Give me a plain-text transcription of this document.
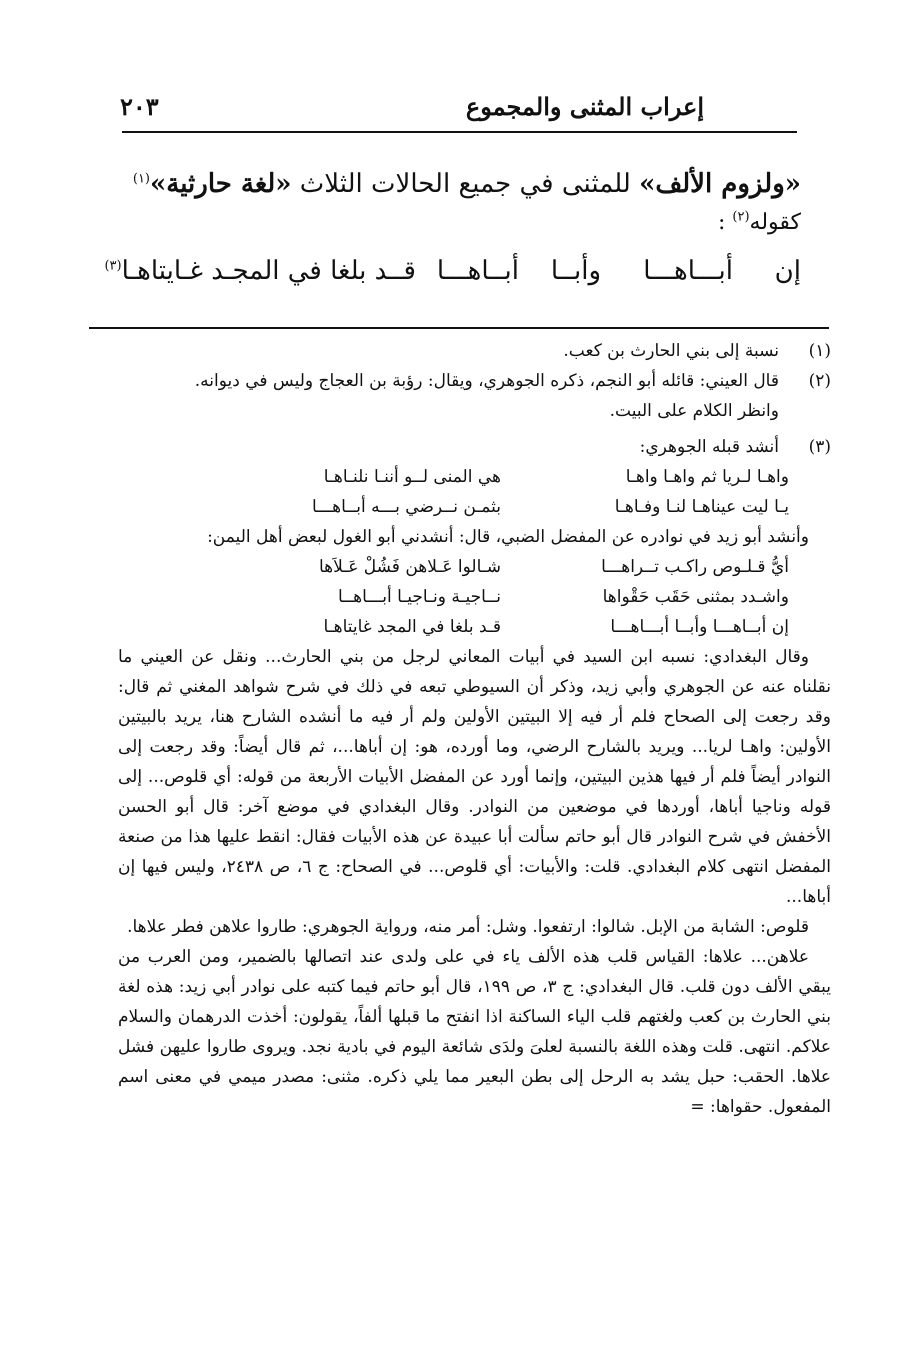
إعراب المثنى والمجموع
٢٠٣
«ولزوم الألف» للمثنى في جميع الحالات الثلاث «لغة حارثية»$^{(١)}$
كقوله$^{(٢)}$ :
إن
أبـــاهـــا
وأبــا
أبــاهـــا
قــد بلغا في المجـد غـايتاهـا$^{(٣)}$
(١)

نسبة إلى بني الحارث بن كعب.

(٢)

قال العيني: قائله أبو النجم، ذكره الجوهري، ويقال: رؤبة بن العجاج وليس في ديوانه.

وانظر الكلام على البيت.

(٣)

أنشد قبله الجوهري:

واهـا لـريا ثم واهـا واهـا
هي المنى لــو أننـا نلنـاهـا
يـا ليت عيناهـا لنـا وفـاهـا
بثمـن نــرضي بـــه أبــاهـــا

وأنشد أبو زيد في نوادره عن المفضل الضبي، قال: أنشدني أبو الغول لبعض أهل اليمن:

أيُّ قـلـوص راكـب تــراهـــا
شـالوا عَـلاهن فَشُلْ عَـلاَها
واشـدد بمثنى حَقَب حَقْواها
نــاجيـة ونـاجيـا أبـــاهــا
إن أبــاهـــا وأبــا أبـــاهـــا
قـد بلغا في المجد غايتاهـا

وقال البغدادي: نسبه ابن السيد في أبيات المعاني لرجل من بني الحارث... ونقل عن العيني ما نقلناه عنه عن الجوهري وأبي زيد، وذكر أن السيوطي تبعه في ذلك في شرح شواهد المغني ثم قال: وقد رجعت إلى الصحاح فلم أر فيه إلا البيتين الأولين ولم أر فيه ما أنشده الشارح هنا، يريد بالبيتين الأولين: واهـا لريا... ويريد بالشارح الرضي، وما أورده، هو: إن أباها...، ثم قال أيضاً: وقد رجعت إلى النوادر أيضاً فلم أر فيها هذين البيتين، وإنما أورد عن المفضل الأبيات الأربعة من قوله: أي قلوص... إلى قوله وناجيا أباها، أوردها في موضعين من النوادر. وقال البغدادي في موضع آخر: قال أبو الحسن الأخفش في شرح النوادر قال أبو حاتم سألت أبا عبيدة عن هذه الأبيات فقال: انقط عليها هذا من صنعة المفضل انتهى كلام البغدادي. قلت: والأبيات: أي قلوص... في الصحاح: ج ٦، ص ٢٤٣٨، وليس فيها إن أباها...

قلوص: الشابة من الإبل. شالوا: ارتفعوا. وشل: أمر منه، ورواية الجوهري: طاروا علاهن فطر علاها.

علاهن... علاها: القياس قلب هذه الألف ياء في على ولدى عند اتصالها بالضمير، ومن العرب من يبقي الألف دون قلب. قال البغدادي: ج ٣، ص ١٩٩، قال أبو حاتم فيما كتبه على نوادر أبي زيد: هذه لغة بني الحارث بن كعب ولغتهم قلب الياء الساكنة اذا انفتح ما قبلها ألفاً، يقولون: أخذت الدرهمان والسلام علاكم. انتهى. قلت وهذه اللغة بالنسبة لعلىَ ولدَى شائعة اليوم في بادية نجد. ويروى طاروا عليهن فشل علاها. الحقب: حبل يشد به الرحل إلى بطن البعير مما يلي ذكره. مثنى: مصدر ميمي في معنى اسم المفعول. حقواها: =
